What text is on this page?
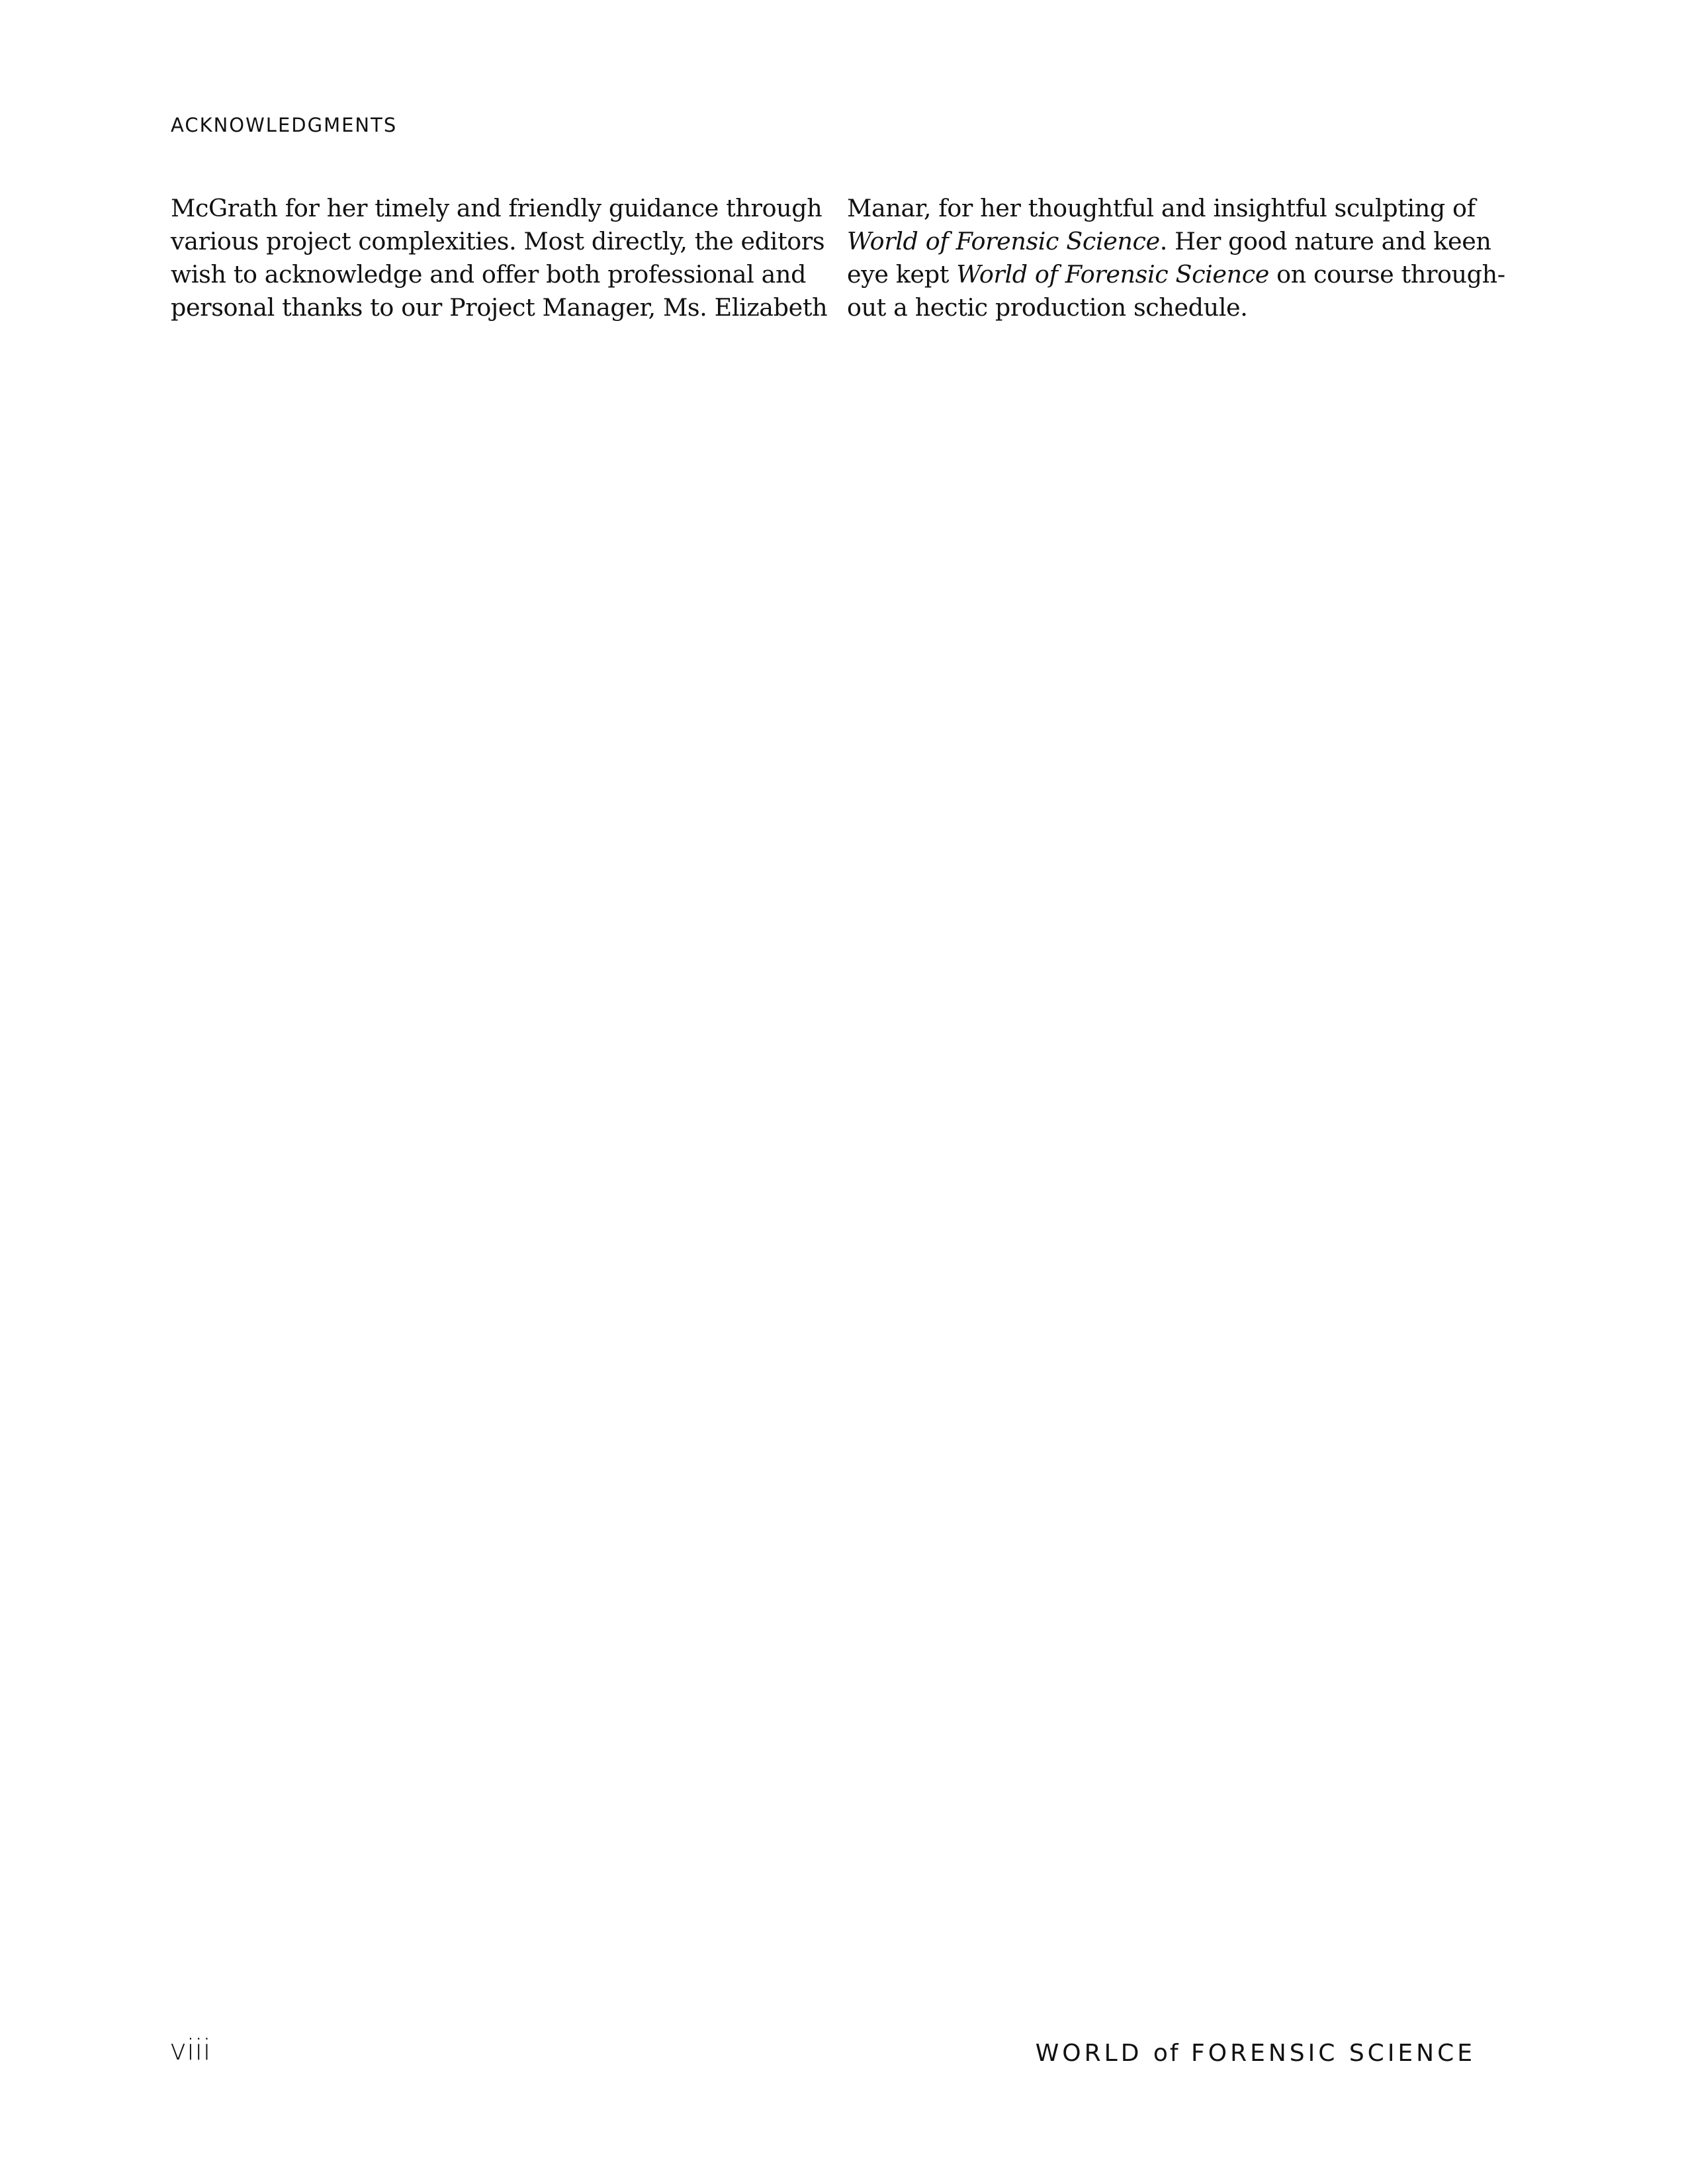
ACKNOWLEDGMENTS
McGrath for her timely and friendly guidance through
various project complexities. Most directly, the editors
wish to acknowledge and offer both professional and
personal thanks to our Project Manager, Ms. Elizabeth
Manar, for her thoughtful and insightful sculpting of
World of Forensic Science. Her good nature and keen
eye kept World of Forensic Science on course through-
out a hectic production schedule.
viii	WORLD of FORENSIC SCIENCE
